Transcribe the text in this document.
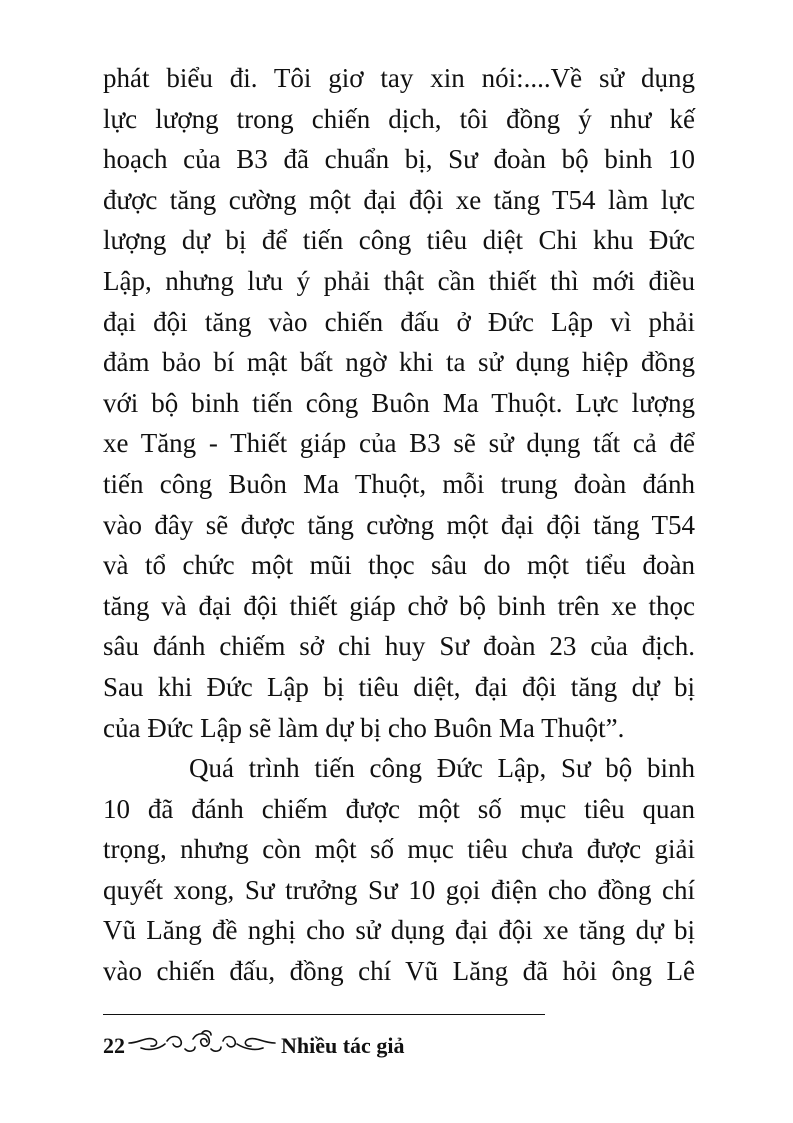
phát biểu đi. Tôi giơ tay xin nói:....Về sử dụng
lực lượng trong chiến dịch, tôi đồng ý như kế
hoạch của B3 đã chuẩn bị, Sư đoàn bộ binh 10
được tăng cường một đại đội xe tăng T54 làm lực
lượng dự bị để tiến công tiêu diệt Chi khu Đức
Lập, nhưng lưu ý phải thật cần thiết thì mới điều
đại đội tăng vào chiến đấu ở Đức Lập vì phải
đảm bảo bí mật bất ngờ khi ta sử dụng hiệp đồng
với bộ binh tiến công Buôn Ma Thuột. Lực lượng
xe Tăng - Thiết giáp của B3 sẽ sử dụng tất cả để
tiến công Buôn Ma Thuột, mỗi trung đoàn đánh
vào đây sẽ được tăng cường một đại đội tăng T54
và tổ chức một mũi thọc sâu do một tiểu đoàn
tăng và đại đội thiết giáp chở bộ binh trên xe thọc
sâu đánh chiếm sở chi huy Sư đoàn 23 của địch.
Sau khi Đức Lập bị tiêu diệt, đại đội tăng dự bị
của Đức Lập sẽ làm dự bị cho Buôn Ma Thuột”.
Quá trình tiến công Đức Lập, Sư bộ binh
10 đã đánh chiếm được một số mục tiêu quan
trọng, nhưng còn một số mục tiêu chưa được giải
quyết xong, Sư trưởng Sư 10 gọi điện cho đồng chí
Vũ Lăng đề nghị cho sử dụng đại đội xe tăng dự bị
vào chiến đấu, đồng chí Vũ Lăng đã hỏi ông Lê
22	Nhiều tác giả
